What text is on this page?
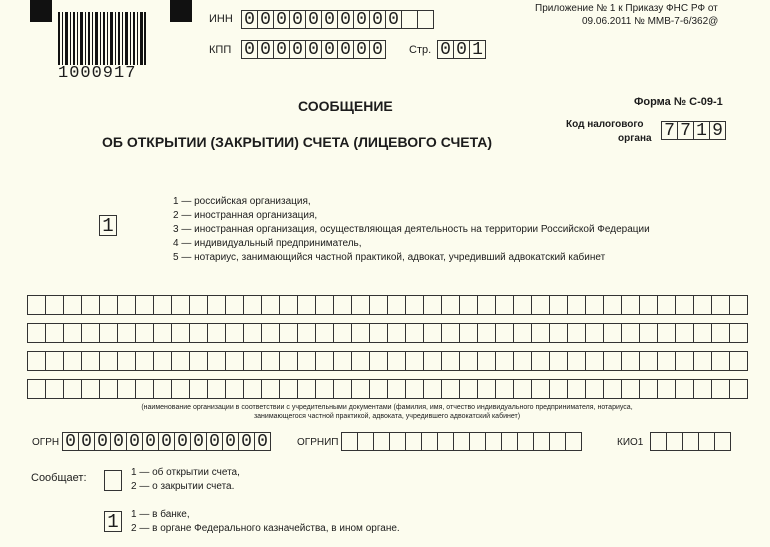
1000917
Приложение № 1 к Приказу ФНС РФ от
09.06.2011 № ММВ-7-6/362@
ИНН 0 0 0 0 0 0 0 0 0 0
КПП 0 0 0 0 0 0 0 0 0 Стр. 0 0 1
СООБЩЕНИЕ
ОБ ОТКРЫТИИ (ЗАКРЫТИИ) СЧЕТА (ЛИЦЕВОГО СЧЕТА)
Форма № С-09-1
Код налогового
органа 7 7 1 9
1
1 — российская организация,
2 — иностранная организация,
3 — иностранная организация, осуществляющая деятельность на территории Российской Федерации
4 — индивидуальный предприниматель,
5 — нотариус, занимающийся частной практикой, адвокат, учредивший адвокатский кабинет
(наименование организации в соответствии с учредительными документами (фамилия, имя, отчество индивидуального предпринимателя, нотариуса,
занимающегося частной практикой, адвоката, учредившего адвокатский кабинет)
ОГРН 0 0 0 0 0 0 0 0 0 0 0 0 0	ОГРНИП	КИО1
Сообщает:	1 — об открытии счета,
2 — о закрытии счета.
1	1 — в банке,
2 — в органе Федерального казначейства, в ином органе.
